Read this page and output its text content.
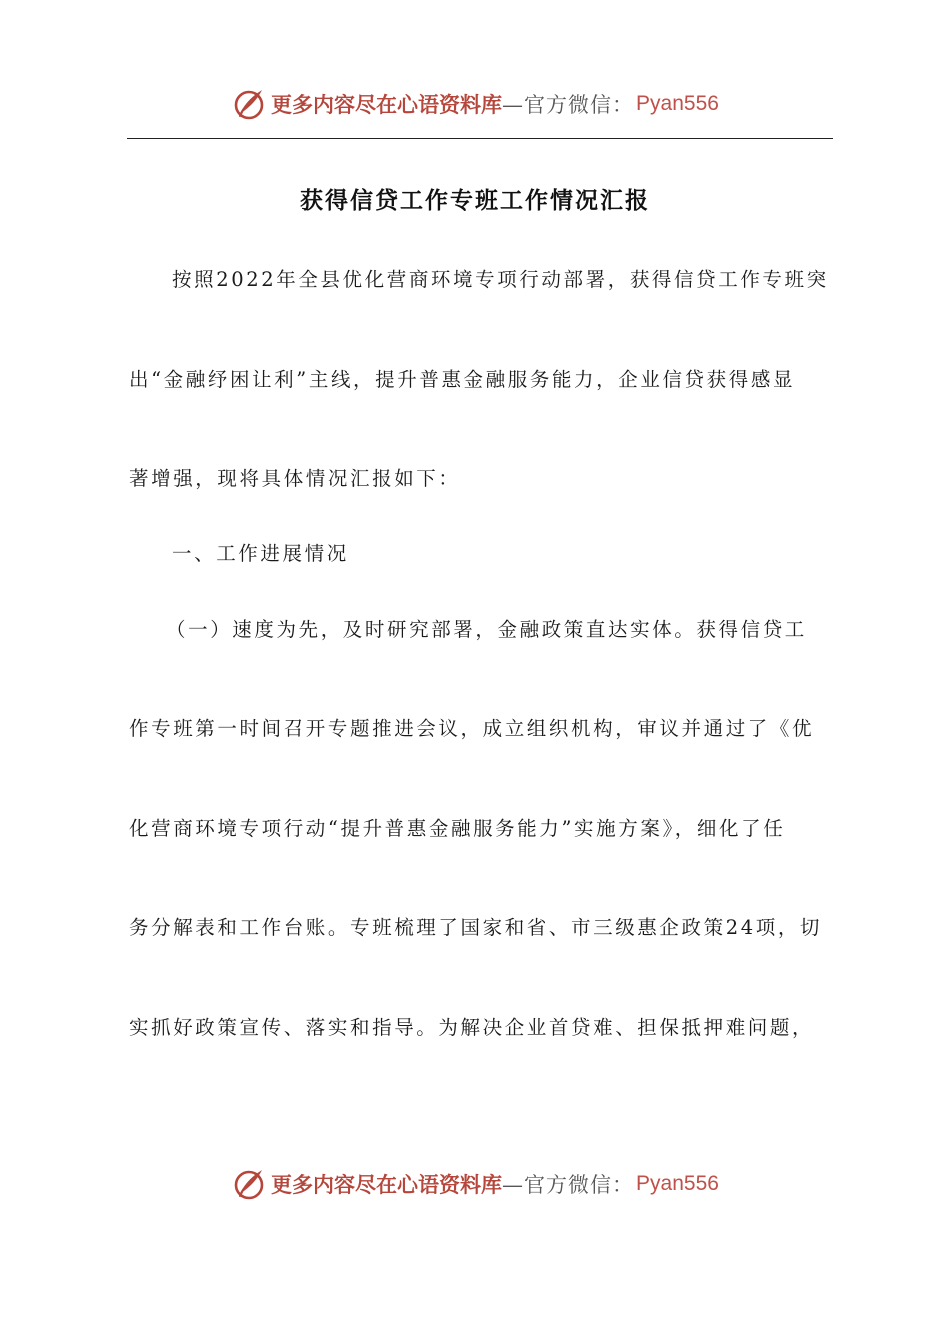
更多内容尽在心语资料库 —官方微信： Pyan556
获得信贷工作专班工作情况汇报
按照2022年全县优化营商环境专项行动部署，获得信贷工作专班突
出“金融纾困让利”主线，提升普惠金融服务能力，企业信贷获得感显
著增强，现将具体情况汇报如下：
一、工作进展情况
（一）速度为先，及时研究部署，金融政策直达实体。获得信贷工
作专班第一时间召开专题推进会议，成立组织机构，审议并通过了《优
化营商环境专项行动“提升普惠金融服务能力”实施方案》，细化了任
务分解表和工作台账。专班梳理了国家和省、市三级惠企政策24项，切
实抓好政策宣传、落实和指导。为解决企业首贷难、担保抵押难问题，
更多内容尽在心语资料库 —官方微信： Pyan556
